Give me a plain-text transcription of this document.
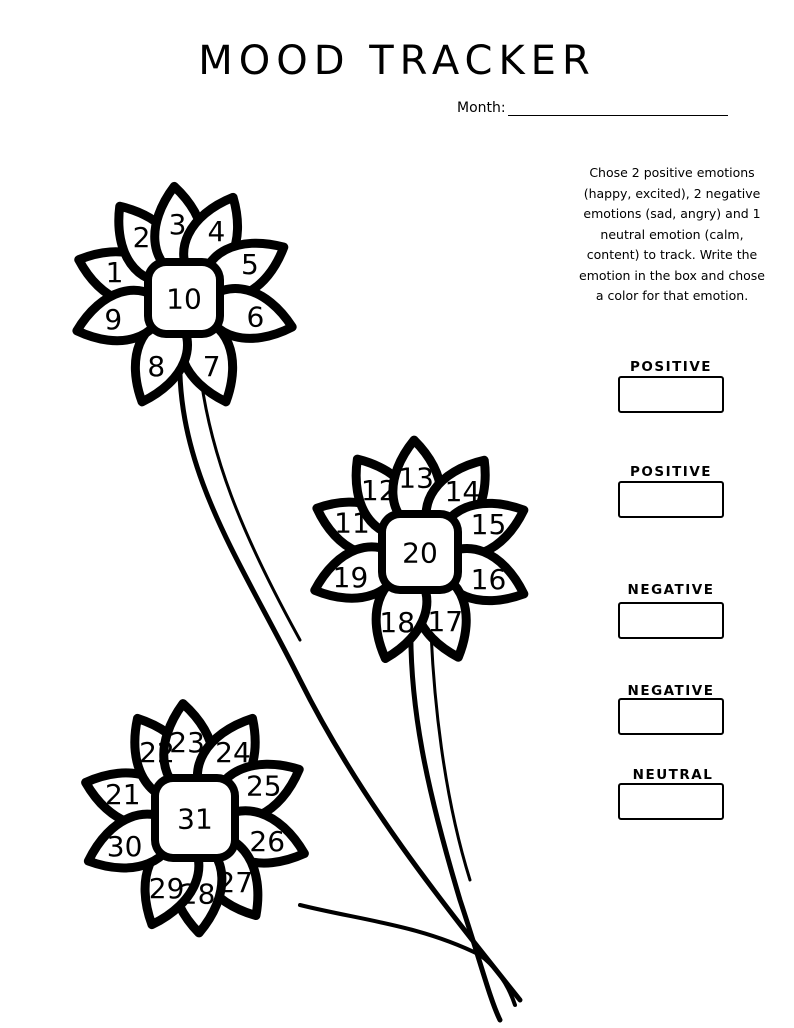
MOOD TRACKER
Month:
Chose 2 positive emotions (happy, excited), 2 negative emotions (sad, angry) and 1 neutral emotion (calm, content) to track. Write the emotion in the box and chose a color for that emotion.
POSITIVE
POSITIVE
NEGATIVE
NEGATIVE
NEUTRAL
1
2 3 4
5
6
7
8
9
10
11
12 13 14
15
16
17
18
19
20
21
22
23 24
25
26
27
28
29
30
31
